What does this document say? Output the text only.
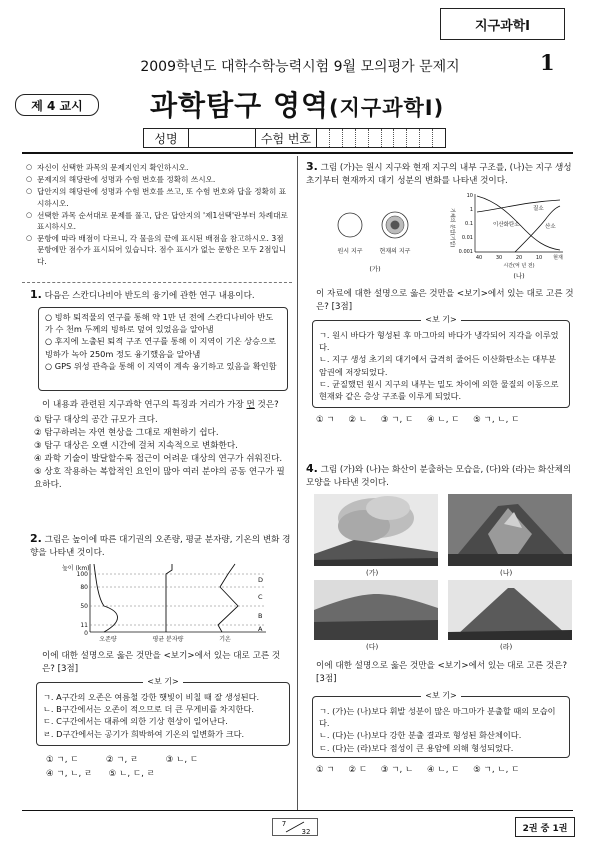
지구과학Ⅰ
2009학년도 대학수학능력시험 9월 모의평가 문제지	1
제 4 교시	과학탐구 영역(지구과학Ⅰ)
성명	수험 번호
○ 자신이 선택한 과목의 문제지인지 확인하시오.
○ 문제지의 해당란에 성명과 수험 번호를 정확히 쓰시오.
○ 답안지의 해당란에 성명과 수험 번호를 쓰고, 또 수험 번호와 답을 정확히 표시하시오.
○ 선택한 과목 순서대로 문제를 풀고, 답은 답안지의 '제1선택'란부터 차례대로 표시하시오.
○ 문항에 따라 배점이 다르니, 각 물음의 끝에 표시된 배점을 참고하시오. 3점 문항에만 점수가 표시되어 있습니다. 점수 표시가 없는 문항은 모두 2점입니다.
1. 다음은 스칸디나비아 반도의 융기에 관한 연구 내용이다.
○ 빙하 퇴적물의 연구를 통해 약 1만 년 전에 스칸디나비아 반도가 수 천m 두께의 빙하로 덮여 있었음을 알아냄
○ 후지에 노출된 퇴적 구조 연구를 통해 이 지역이 기온 상승으로 빙하가 녹아 250m 정도 융기했음을 알아냄
○ GPS 위성 관측을 통해 이 지역이 계속 융기하고 있음을 확인함
이 내용과 관련된 지구과학 연구의 특징과 거리가 가장 먼 것은?
① 탐구 대상의 공간 규모가 크다.
② 탐구하려는 자연 현상을 그대로 재현하기 쉽다.
③ 탐구 대상은 오랜 시간에 걸쳐 지속적으로 변화한다.
④ 과학 기술이 발달할수록 접근이 어려운 대상의 연구가 쉬워진다.
⑤ 상호 작용하는 복합적인 요인이 많아 여러 분야의 공동 연구가 필요하다.
2. 그림은 높이에 따른 대기권의 오존량, 평균 분자량, 기온의 변화 경향을 나타낸 것이다.
높이 (km)
100
80
50
11
0
D
C
B
A
오존량	평균 분자량	기온
이에 대한 설명으로 옳은 것만을 <보기>에서 있는 대로 고른 것은? [3점]
<보 기>
ㄱ. A구간의 오존은 여름철 강한 햇빛이 비칠 때 잘 생성된다.
ㄴ. B구간에서는 오존이 적으므로 더 큰 무게비를 차지한다.
ㄷ. C구간에서는 대류에 의한 기상 현상이 일어난다.
ㄹ. D구간에서는 공기가 희박하여 기온의 일변화가 크다.
① ㄱ, ㄷ          ② ㄱ, ㄹ          ③ ㄴ, ㄷ
④ ㄱ, ㄴ, ㄹ      ⑤ ㄴ, ㄷ, ㄹ
3. 그림 (가)는 원시 지구와 현재 지구의 내부 구조를, (나)는 지구 생성 초기부터 현재까지 대기 성분의 변화를 나타낸 것이다.
원시 지구	현재의 지구
(가)
기체의 분압(기압)
10
1
0.1
0.01
0.001
질소
산소
이산화탄소
40	30	20	10 현재
시간(억 년 전)
(나)
이 자료에 대한 설명으로 옳은 것만을 <보기>에서 있는 대로 고른 것은? [3점]
<보 기>
ㄱ. 원시 바다가 형성된 후 마그마의 바다가 냉각되어 지각을 이루었다.
ㄴ. 지구 생성 초기의 대기에서 급격히 줄어든 이산화탄소는 대부분 암권에 저장되었다.
ㄷ. 균질했던 원시 지구의 내부는 밀도 차이에 의한 물질의 이동으로 현재와 같은 층상 구조를 이루게 되었다.
① ㄱ     ② ㄴ     ③ ㄱ, ㄷ     ④ ㄴ, ㄷ     ⑤ ㄱ, ㄴ, ㄷ
4. 그림 (가)와 (나)는 화산이 분출하는 모습을, (다)와 (라)는 화산체의 모양을 나타낸 것이다.
(가)	(나)
(다)	(라)
이에 대한 설명으로 옳은 것만을 <보기>에서 있는 대로 고른 것은? [3점]
<보 기>
ㄱ. (가)는 (나)보다 휘발 성분이 많은 마그마가 분출할 때의 모습이다.
ㄴ. (다)는 (나)보다 강한 분출 결과로 형성된 화산체이다.
ㄷ. (다)는 (라)보다 점성이 큰 용암에 의해 형성되었다.
① ㄱ     ② ㄷ     ③ ㄱ, ㄴ     ④ ㄴ, ㄷ     ⑤ ㄱ, ㄴ, ㄷ
7
32	2권 중 1권
